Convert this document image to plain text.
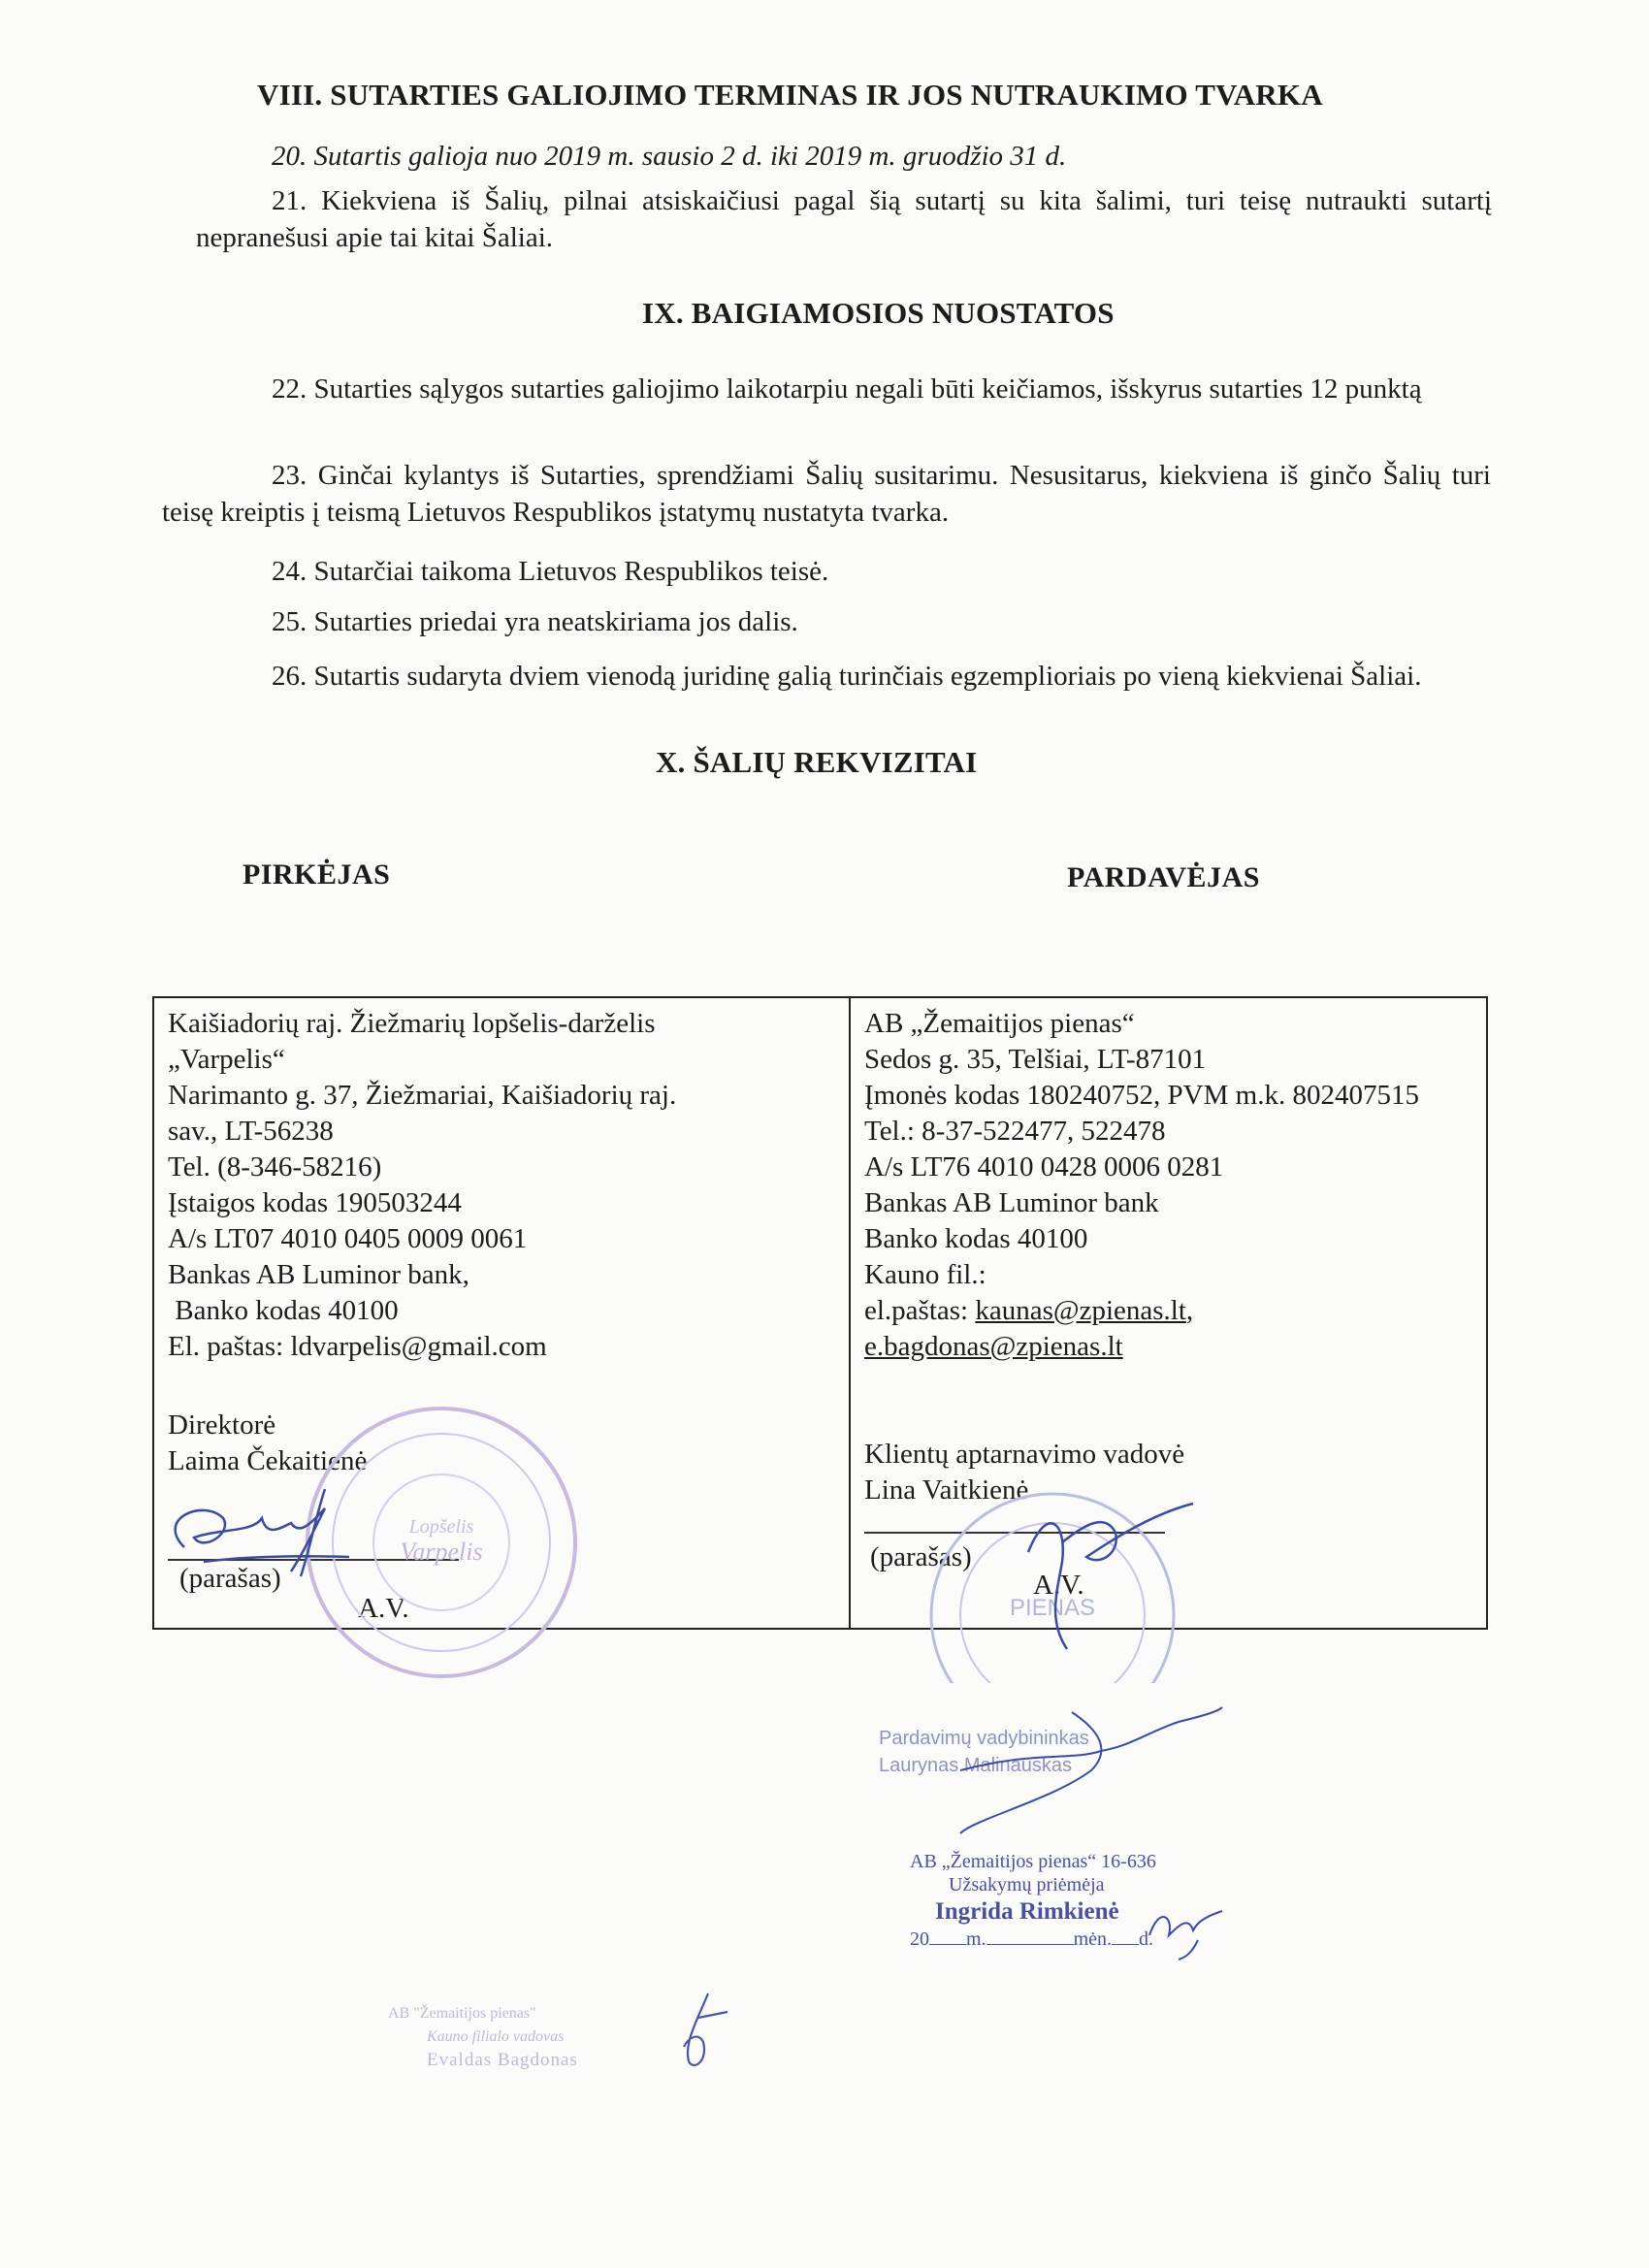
VIII. SUTARTIES GALIOJIMO TERMINAS IR JOS NUTRAUKIMO TVARKA
20. Sutartis galioja nuo 2019 m. sausio 2 d. iki 2019 m. gruodžio 31 d.
21. Kiekviena iš Šalių, pilnai atsiskaičiusi pagal šią sutartį su kita šalimi, turi teisę nutraukti sutartį nepranešusi apie tai kitai Šaliai.
IX. BAIGIAMOSIOS NUOSTATOS
22. Sutarties sąlygos sutarties galiojimo laikotarpiu negali būti keičiamos, išskyrus sutarties 12 punktą
23. Ginčai kylantys iš Sutarties, sprendžiami Šalių susitarimu. Nesusitarus, kiekviena iš ginčo Šalių turi teisę kreiptis į teismą Lietuvos Respublikos įstatymų nustatyta tvarka.
24. Sutarčiai taikoma Lietuvos Respublikos teisė.
25. Sutarties priedai yra neatskiriama jos dalis.
26. Sutartis sudaryta dviem vienodą juridinę galią turinčiais egzemplioriais po vieną kiekvienai Šaliai.
X. ŠALIŲ REKVIZITAI
PIRKĖJAS	PARDAVĖJAS
Kaišiadorių raj. Žiežmarių lopšelis-darželis
„Varpelis“
Narimanto g. 37, Žiežmariai, Kaišiadorių raj.
sav., LT-56238
Tel. (8-346-58216)
Įstaigos kodas 190503244
A/s LT07 4010 0405 0009 0061
Bankas AB Luminor bank,
Banko kodas 40100
El. paštas: ldvarpelis@gmail.com
Direktorė
Laima Čekaitienė
(parašas)
A.V.

AB „Žemaitijos pienas“
Sedos g. 35, Telšiai, LT-87101
Įmonės kodas 180240752, PVM m.k. 802407515
Tel.: 8-37-522477, 522478
A/s LT76 4010 0428 0006 0281
Bankas AB Luminor bank
Banko kodas 40100
Kauno fil.:
el.paštas: kaunas@zpienas.lt,
e.bagdonas@zpienas.lt
Klientų aptarnavimo vadovė
Lina Vaitkienė
(parašas)
A.V.
Lopšelis
Varpelis
PIENAS
Pardavimų vadybininkas
Laurynas Malinauskas
AB „Žemaitijos pienas“ 16-636
Užsakymų priėmėja
Ingrida Rimkienė
20 m.	mėn. d.
AB "Žemaitijos pienas"
Kauno filialo vadovas
Evaldas Bagdonas
